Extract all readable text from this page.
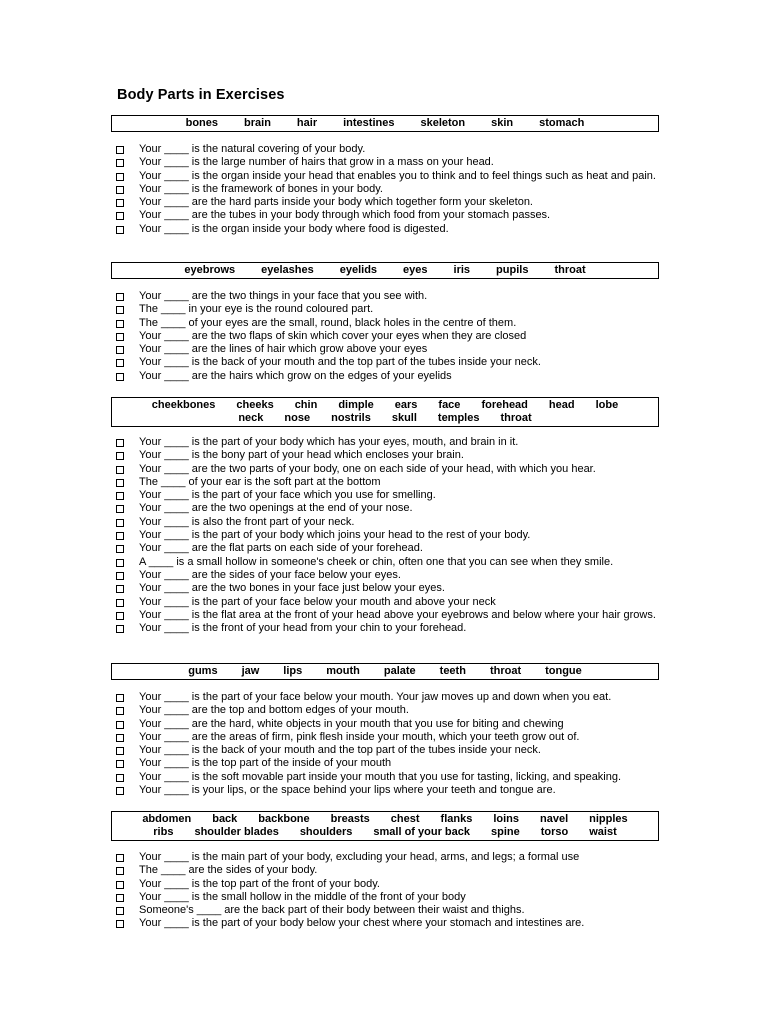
Body Parts in Exercises
bones brain hair intestines skeleton skin stomach
Your ____ is the natural covering of your body.
Your ____ is the large number of hairs that grow in a mass on your head.
Your ____ is the organ inside your head that enables you to think and to feel things such as heat and pain.
Your ____ is the framework of bones in your body.
Your ____ are the hard parts inside your body which together form your skeleton.
Your ____ are the tubes in your body through which food from your stomach passes.
Your ____ is the organ inside your body where food is digested.
eyebrows eyelashes eyelids eyes iris pupils throat
Your ____ are the two things in your face that you see with.
The ____ in your eye is the round coloured part.
The ____ of your eyes are the small, round, black holes in the centre of them.
Your ____ are the two flaps of skin which cover your eyes when they are closed
Your ____ are the lines of hair which grow above your eyes
Your ____ is the back of your mouth and the top part of the tubes inside your neck.
Your ____ are the hairs which grow on the edges of your eyelids
cheekbones cheeks chin dimple ears face forehead head lobe
neck nose nostrils skull temples throat
Your ____ is the part of your body which has your eyes, mouth, and brain in it.
Your ____ is the bony part of your head which encloses your brain.
Your ____ are the two parts of your body, one on each side of your head, with which you hear.
The ____ of your ear is the soft part at the bottom
Your ____ is the part of your face which you use for smelling.
Your ____ are the two openings at the end of your nose.
Your ____ is also the front part of your neck.
Your ____ is the part of your body which joins your head to the rest of your body.
Your ____ are the flat parts on each side of your forehead.
A ____ is a small hollow in someone's cheek or chin, often one that you can see when they smile.
Your ____ are the sides of your face below your eyes.
Your ____ are the two bones in your face just below your eyes.
Your ____ is the part of your face below your mouth and above your neck
Your ____ is the flat area at the front of your head above your eyebrows and below where your hair grows.
Your ____ is the front of your head from your chin to your forehead.
gums jaw lips mouth palate teeth throat tongue
Your ____ is the part of your face below your mouth. Your jaw moves up and down when you eat.
Your ____ are the top and bottom edges of your mouth.
Your ____ are the hard, white objects in your mouth that you use for biting and chewing
Your ____ are the areas of firm, pink flesh inside your mouth, which your teeth grow out of.
Your ____ is the back of your mouth and the top part of the tubes inside your neck.
Your ____ is the top part of the inside of your mouth
Your ____ is the soft movable part inside your mouth that you use for tasting, licking, and speaking.
Your ____ is your lips, or the space behind your lips where your teeth and tongue are.
abdomen back backbone breasts chest flanks loins navel nipples
ribs shoulder blades shoulders small of your back spine torso waist
Your ____ is the main part of your body, excluding your head, arms, and legs; a formal use
The ____ are the sides of your body.
Your ____ is the top part of the front of your body.
Your ____ is the small hollow in the middle of the front of your body
Someone's ____ are the back part of their body between their waist and thighs.
Your ____ is the part of your body below your chest where your stomach and intestines are.
